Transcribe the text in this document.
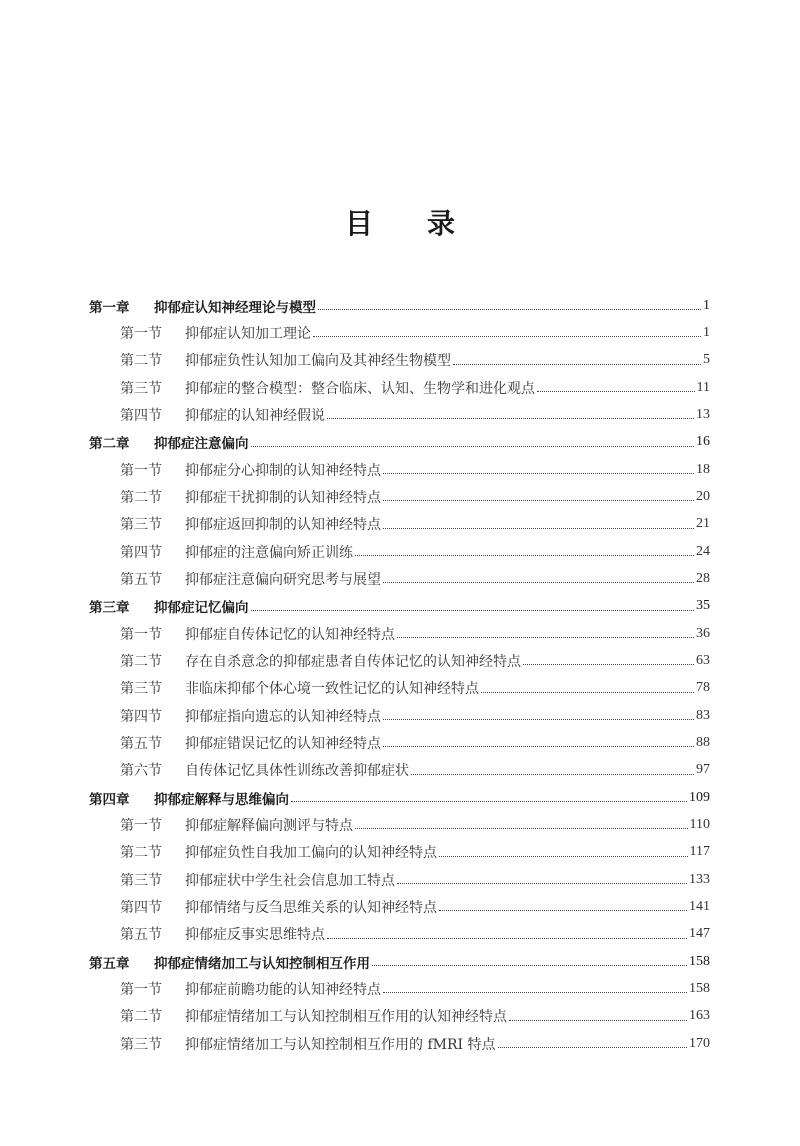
目 录
第一章	抑郁症认知神经理论与模型	1
第一节	抑郁症认知加工理论	1
第二节	抑郁症负性认知加工偏向及其神经生物模型	5
第三节	抑郁症的整合模型：整合临床、认知、生物学和进化观点	11
第四节	抑郁症的认知神经假说	13
第二章	抑郁症注意偏向	16
第一节	抑郁症分心抑制的认知神经特点	18
第二节	抑郁症干扰抑制的认知神经特点	20
第三节	抑郁症返回抑制的认知神经特点	21
第四节	抑郁症的注意偏向矫正训练	24
第五节	抑郁症注意偏向研究思考与展望	28
第三章	抑郁症记忆偏向	35
第一节	抑郁症自传体记忆的认知神经特点	36
第二节	存在自杀意念的抑郁症患者自传体记忆的认知神经特点	63
第三节	非临床抑郁个体心境一致性记忆的认知神经特点	78
第四节	抑郁症指向遗忘的认知神经特点	83
第五节	抑郁症错误记忆的认知神经特点	88
第六节	自传体记忆具体性训练改善抑郁症状	97
第四章	抑郁症解释与思维偏向	109
第一节	抑郁症解释偏向测评与特点	110
第二节	抑郁症负性自我加工偏向的认知神经特点	117
第三节	抑郁症状中学生社会信息加工特点	133
第四节	抑郁情绪与反刍思维关系的认知神经特点	141
第五节	抑郁症反事实思维特点	147
第五章	抑郁症情绪加工与认知控制相互作用	158
第一节	抑郁症前瞻功能的认知神经特点	158
第二节	抑郁症情绪加工与认知控制相互作用的认知神经特点	163
第三节	抑郁症情绪加工与认知控制相互作用的 fMRI 特点	170
